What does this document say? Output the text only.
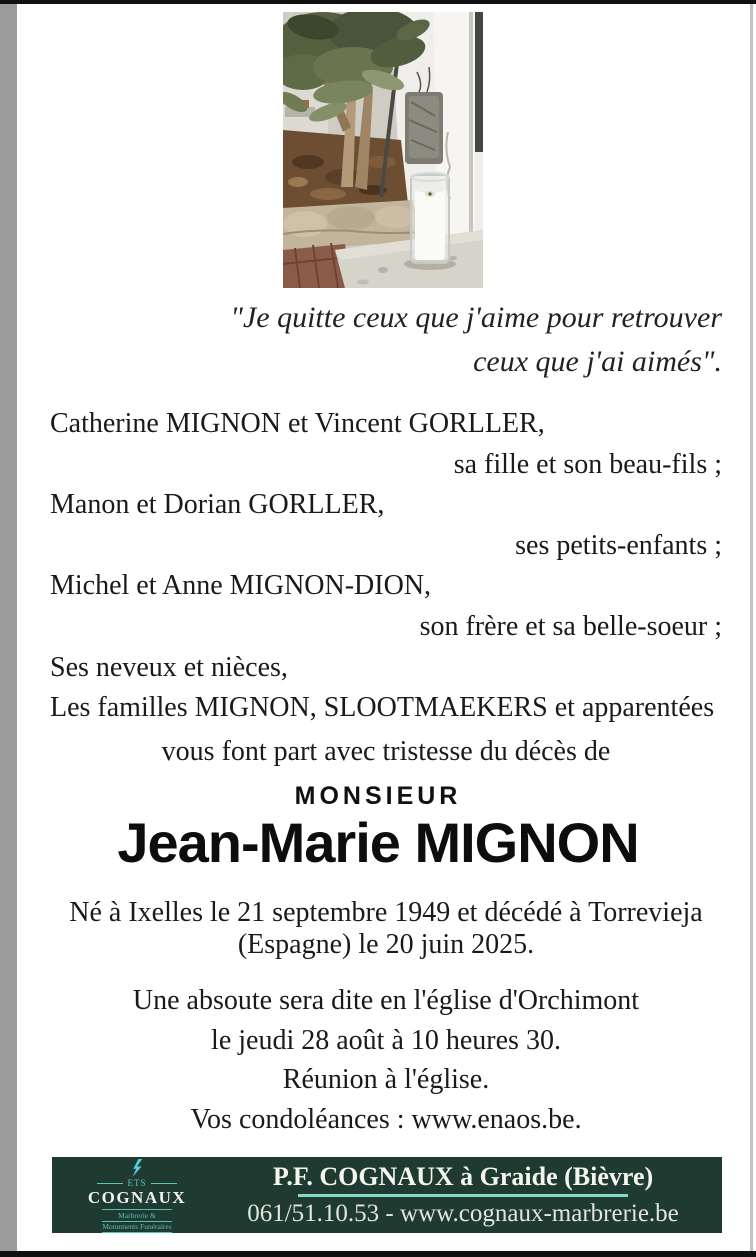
"Je quitte ceux que j'aime pour retrouver
ceux que j'ai aimés".
Catherine MIGNON et Vincent GORLLER,
sa fille et son beau-fils ;
Manon et Dorian GORLLER,
ses petits-enfants ;
Michel et Anne MIGNON-DION,
son frère et sa belle-soeur ;
Ses neveux et nièces,
Les familles MIGNON, SLOOTMAEKERS et apparentées
vous font part avec tristesse du décès de
MONSIEUR
Jean-Marie MIGNON
Né à Ixelles le 21 septembre 1949 et décédé à Torrevieja
(Espagne) le 20 juin 2025.
Une absoute sera dite en l'église d'Orchimont
le jeudi 28 août à 10 heures 30.
Réunion à l'église.
Vos condoléances : www.enaos.be.
ETS
COGNAUX
Marbrerie &
Monuments Funéraires
P.F. COGNAUX à Graide (Bièvre)
061/51.10.53 - www.cognaux-marbrerie.be
